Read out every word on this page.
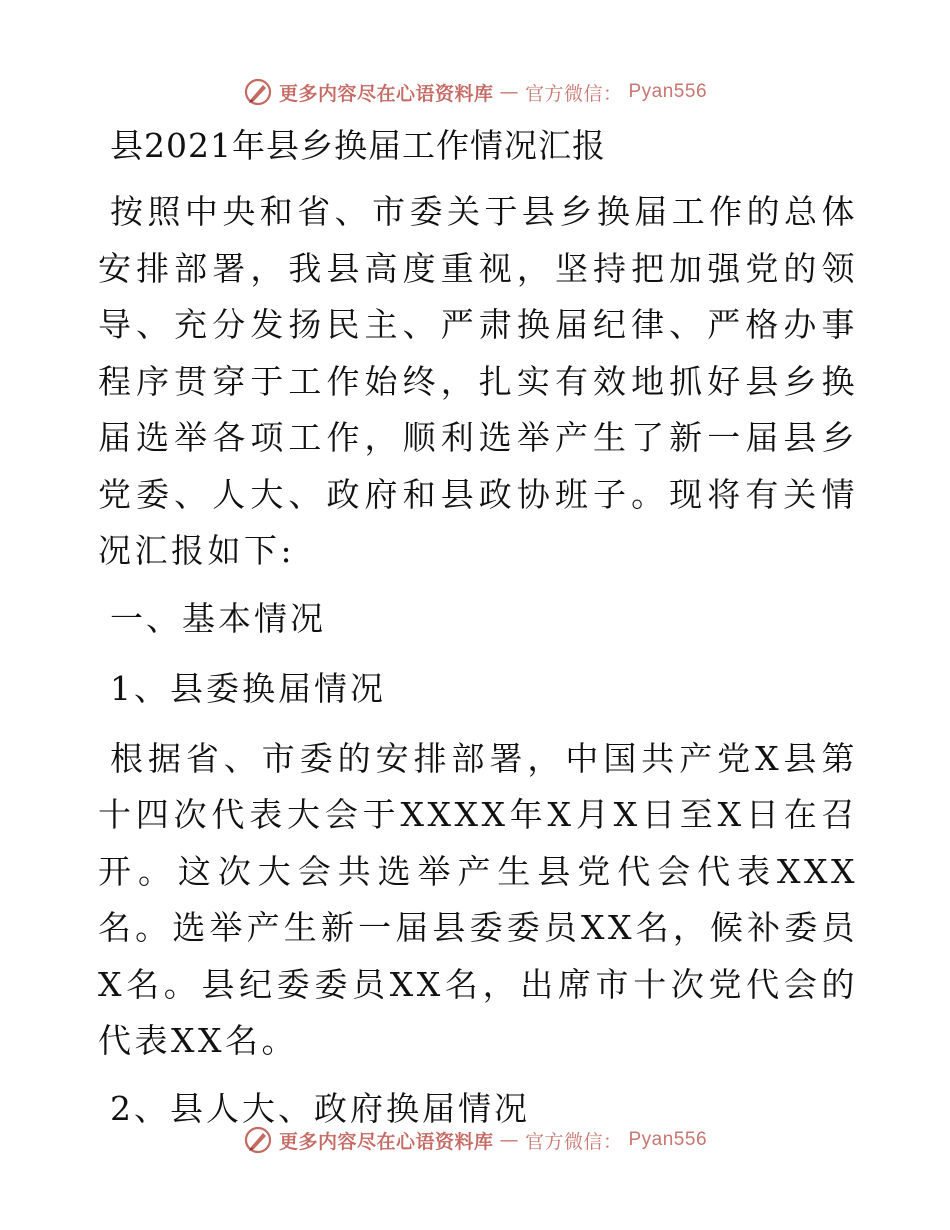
更多内容尽在心语资料库 — 官方微信： Pyan556
县2021年县乡换届工作情况汇报

按照中央和省、市委关于县乡换届工作的总体安排部署，我县高度重视，坚持把加强党的领导、充分发扬民主、严肃换届纪律、严格办事程序贯穿于工作始终，扎实有效地抓好县乡换届选举各项工作，顺利选举产生了新一届县乡党委、人大、政府和县政协班子。现将有关情况汇报如下:

一、基本情况
1、县委换届情况

根据省、市委的安排部署，中国共产党X县第十四次代表大会于XXXX年X月X日至X日在召开。这次大会共选举产生县党代会代表XXX名。选举产生新一届县委委员XX名，候补委员X名。县纪委委员XX名，出席市十次党代会的代表XX名。

2、县人大、政府换届情况
更多内容尽在心语资料库 — 官方微信： Pyan556
